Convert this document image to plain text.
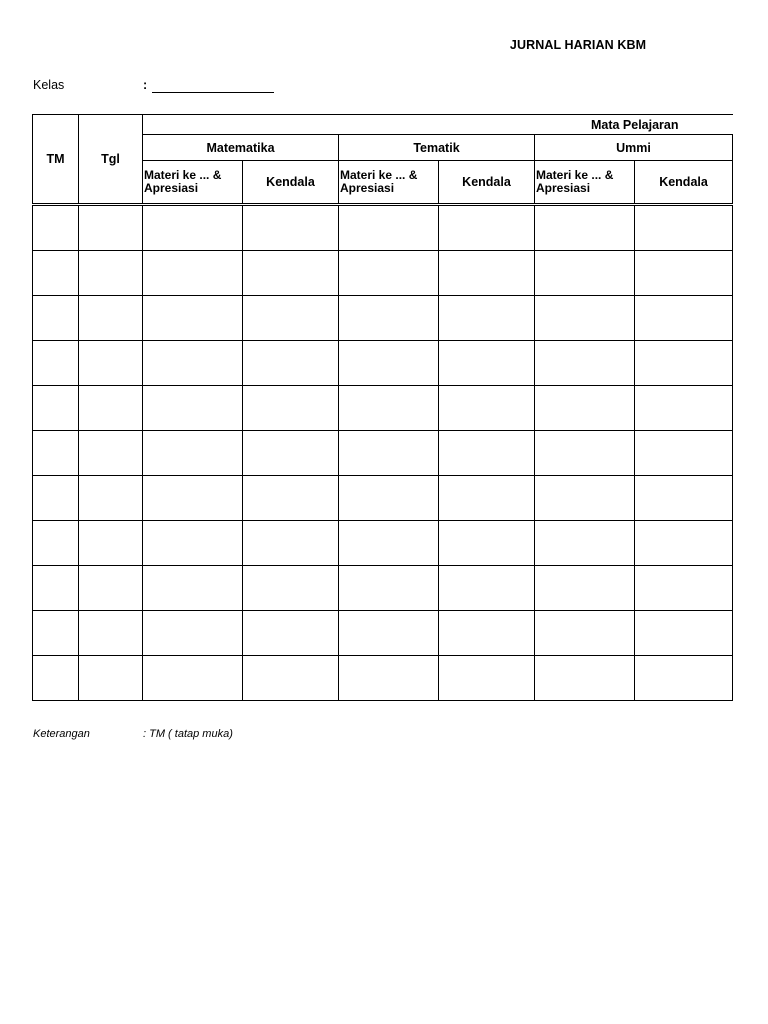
JURNAL HARIAN KBM
Kelas	:
TM	Tgl	Mata Pelajaran					
		Matematika		Tematik		Ummi	
		Materi ke ... & Apresiasi	Kendala	Materi ke ... & Apresiasi	Kendala	Materi ke ... & Apresiasi	Kendala

Keterangan	: TM ( tatap muka)
